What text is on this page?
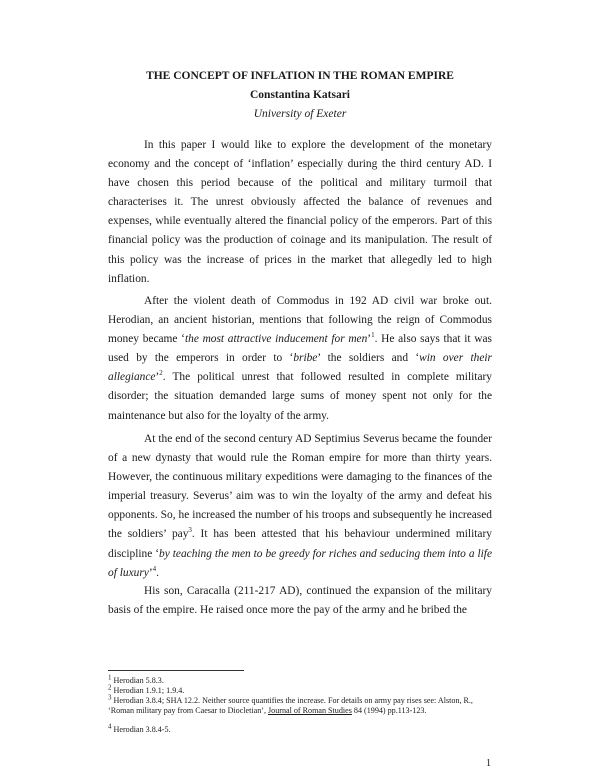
THE CONCEPT OF INFLATION IN THE ROMAN EMPIRE
Constantina Katsari
University of Exeter

In this paper I would like to explore the development of the monetary economy and the concept of ‘inflation’ especially during the third century AD. I have chosen this period because of the political and military turmoil that characterises it. The unrest obviously affected the balance of revenues and expenses, while eventually altered the financial policy of the emperors. Part of this financial policy was the production of coinage and its manipulation. The result of this policy was the increase of prices in the market that allegedly led to high inflation.

After the violent death of Commodus in 192 AD civil war broke out. Herodian, an ancient historian, mentions that following the reign of Commodus money became ‘the most attractive inducement for men’$^1$. He also says that it was used by the emperors in order to ‘bribe’ the soldiers and ‘win over their allegiance’$^2$. The political unrest that followed resulted in complete military disorder; the situation demanded large sums of money spent not only for the maintenance but also for the loyalty of the army.

At the end of the second century AD Septimius Severus became the founder of a new dynasty that would rule the Roman empire for more than thirty years. However, the continuous military expeditions were damaging to the finances of the imperial treasury. Severus’ aim was to win the loyalty of the army and defeat his opponents. So, he increased the number of his troops and subsequently he increased the soldiers’ pay$^3$. It has been attested that his behaviour undermined military discipline ‘by teaching the men to be greedy for riches and seducing them into a life of luxury’$^4$.

His son, Caracalla (211-217 AD), continued the expansion of the military basis of the empire. He raised once more the pay of the army and he bribed the

$^1$ Herodian 5.8.3.

$^2$ Herodian 1.9.1; 1.9.4.

$^3$ Herodian 3.8.4; SHA 12.2. Neither source quantifies the increase. For details on army pay rises see: Alston, R., ‘Roman military pay from Caesar to Diocletian’, Journal of Roman Studies 84 (1994) pp.113-123.

$^4$ Herodian 3.8.4-5.

1
